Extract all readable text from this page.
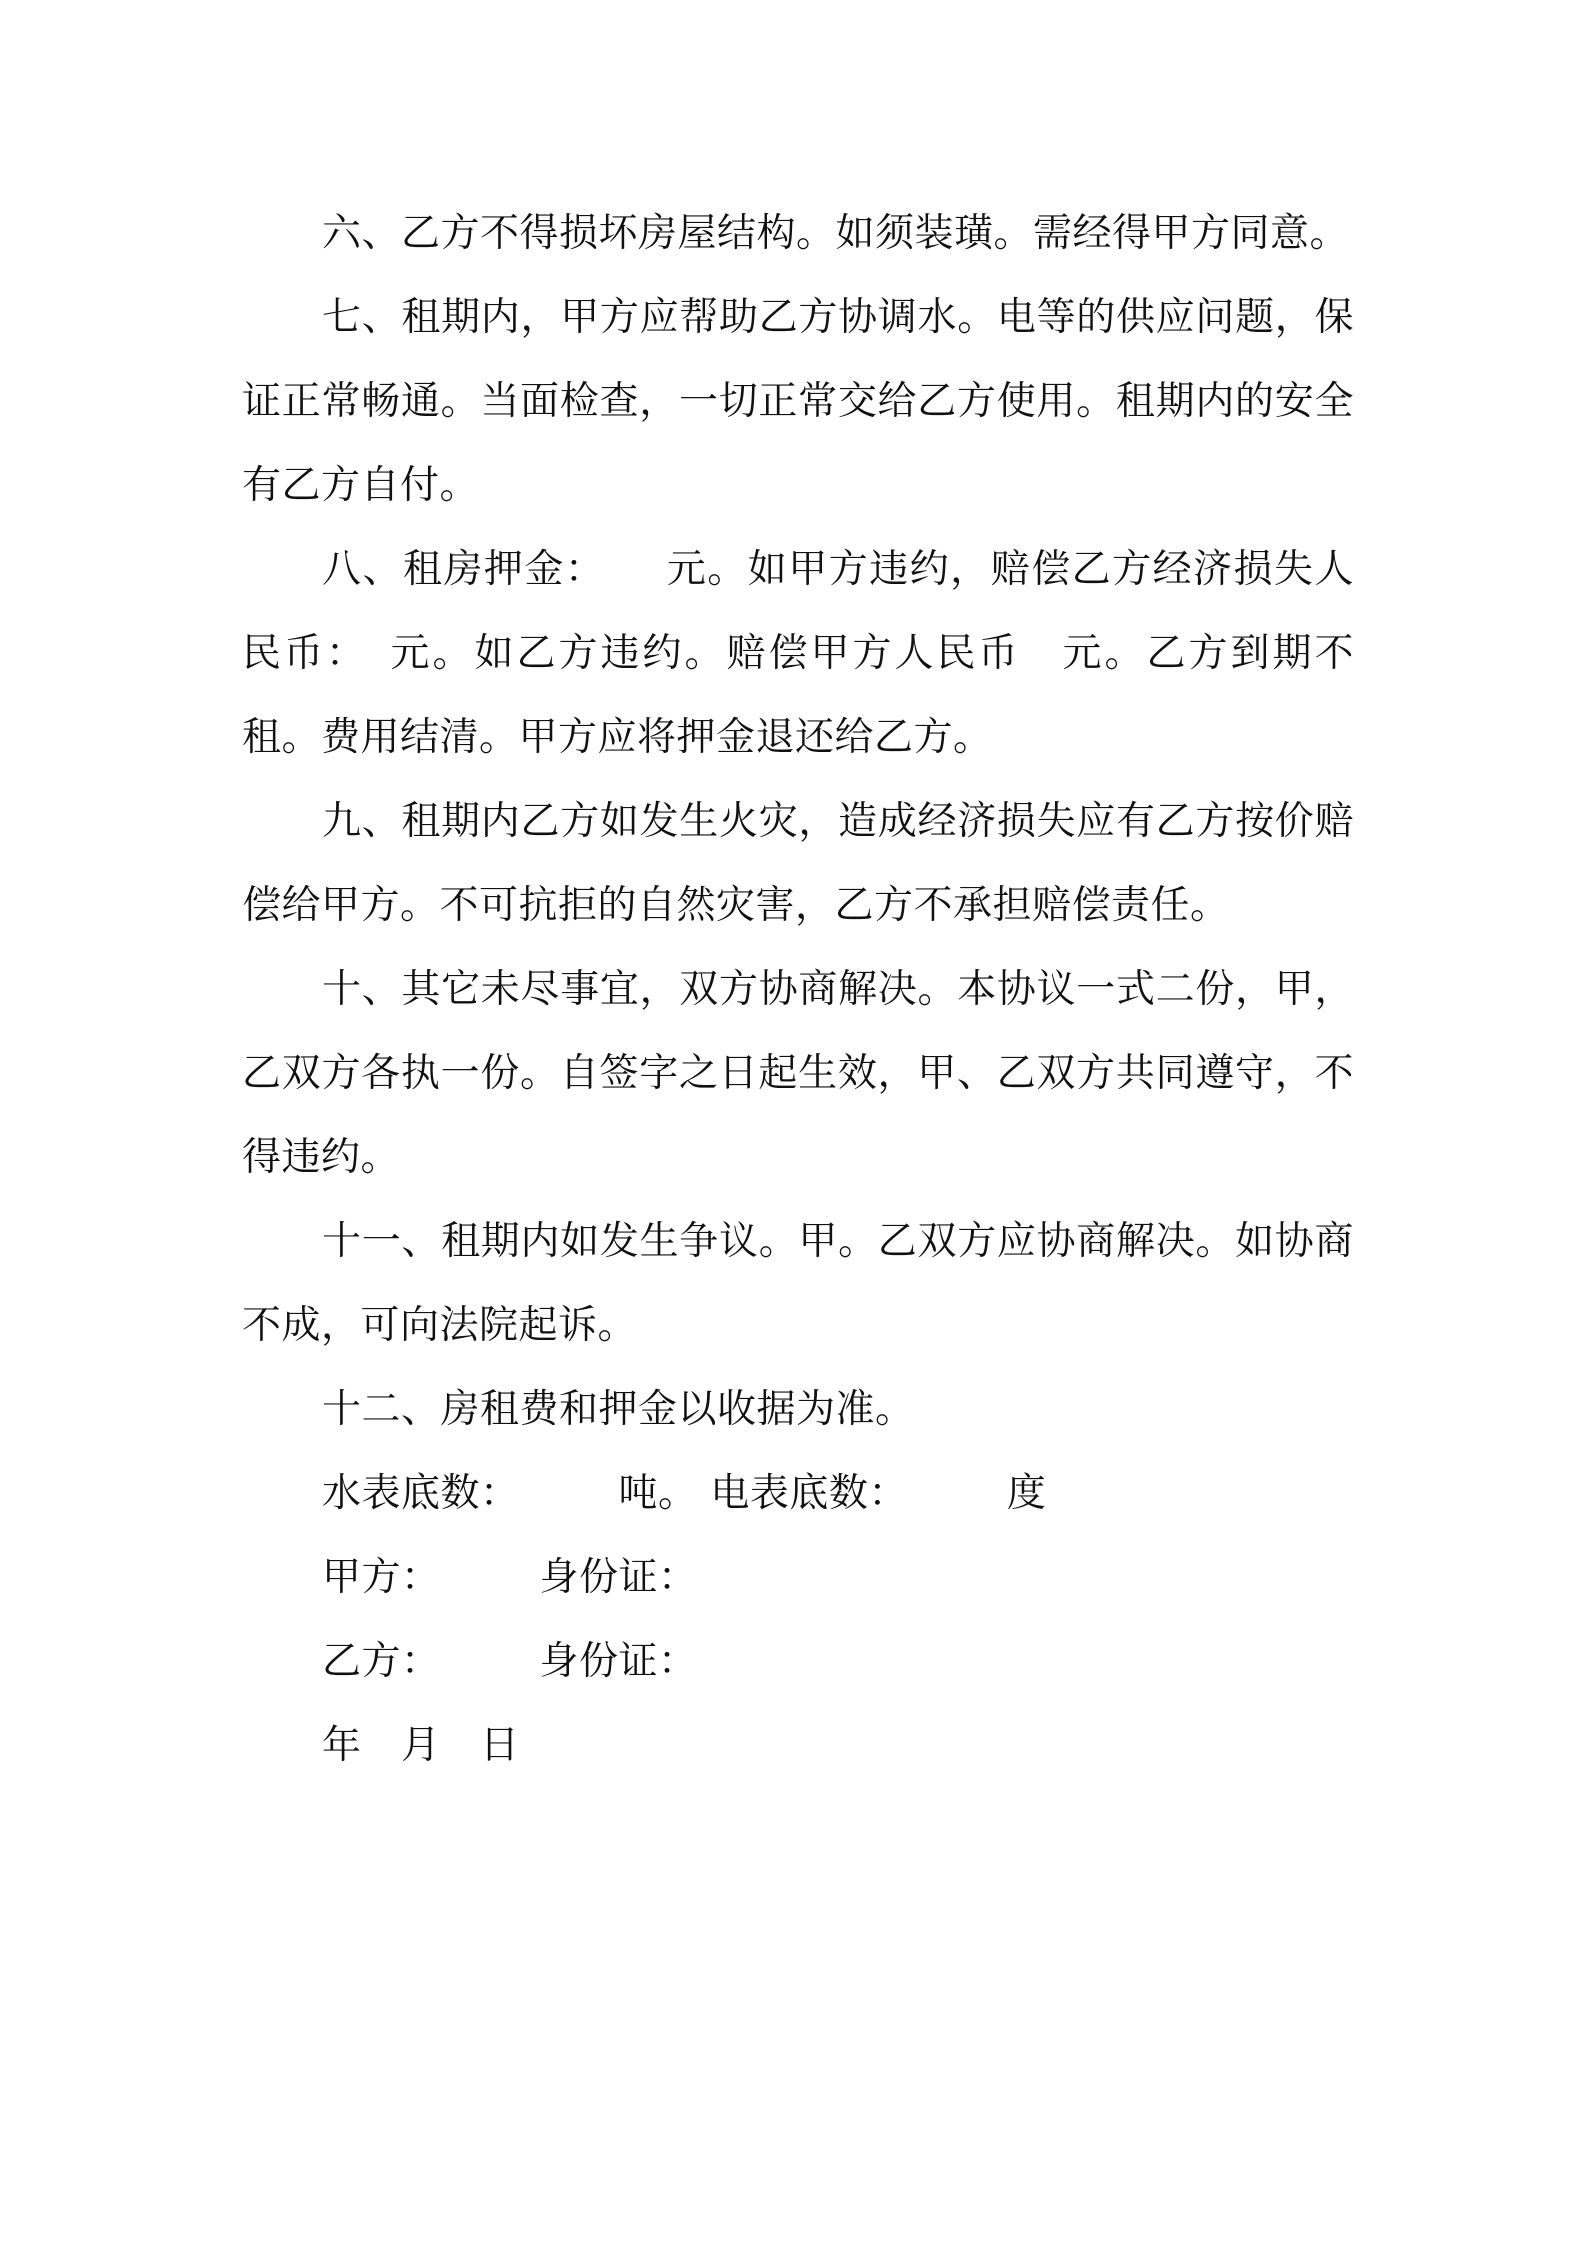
六、乙方不得损坏房屋结构。如须装璜。需经得甲方同意。

七、租期内，甲方应帮助乙方协调水。电等的供应问题，保证正常畅通。当面检查，一切正常交给乙方使用。租期内的安全有乙方自付。

八、租房押金：　　元。如甲方违约，赔偿乙方经济损失人民币：　元。如乙方违约。赔偿甲方人民币　元。乙方到期不租。费用结清。甲方应将押金退还给乙方。

九、租期内乙方如发生火灾，造成经济损失应有乙方按价赔偿给甲方。不可抗拒的自然灾害，乙方不承担赔偿责任。

十、其它未尽事宜，双方协商解决。本协议一式二份，甲，乙双方各执一份。自签字之日起生效，甲、乙双方共同遵守，不得违约。

十一、租期内如发生争议。甲。乙双方应协商解决。如协商不成，可向法院起诉。

十二、房租费和押金以收据为准。

水表底数：　　　吨。 电表底数：　　　度

甲方：　　　身份证：

乙方：　　　身份证：

年　月　日
